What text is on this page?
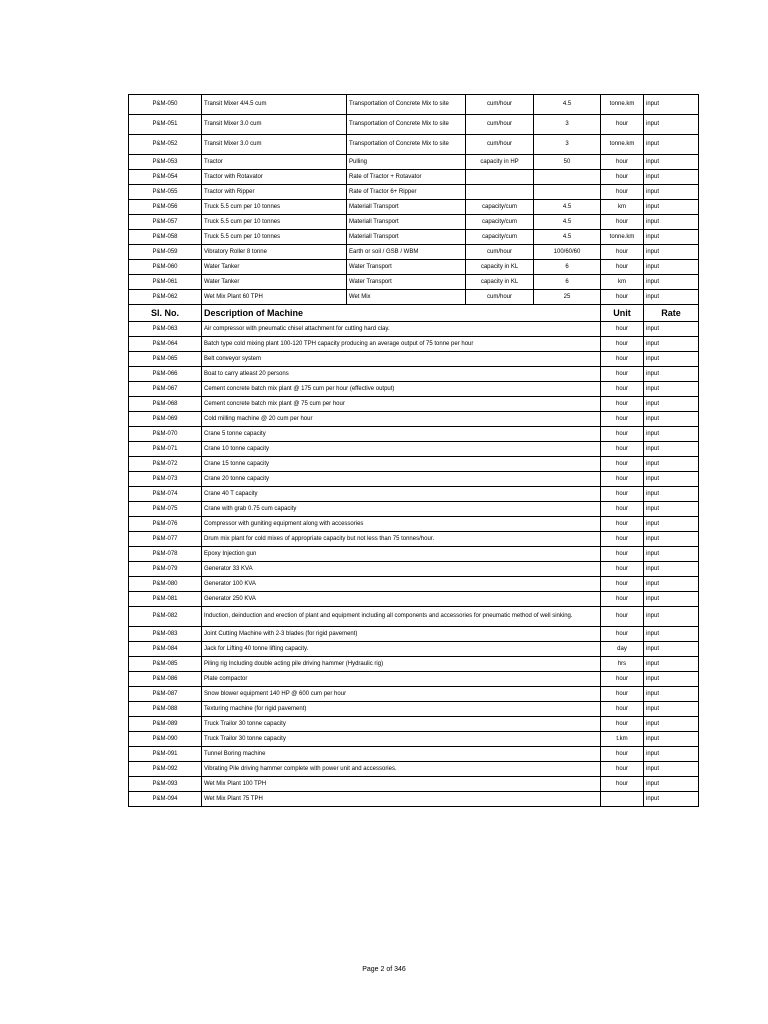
P&M-050	Transit Mixer 4/4.5 cum	Transportation of Concrete Mix to site	cum/hour	4.5	tonne.km	input
P&M-051	Transit Mixer 3.0 cum	Transportation of Concrete Mix to site	cum/hour	3	hour	input
P&M-052	Transit Mixer 3.0 cum	Transportation of Concrete Mix to site	cum/hour	3	tonne.km	input
P&M-053	Tractor	Pulling	capacity in HP	50	hour	input
P&M-054	Tractor with Rotavator	Rate of Tractor + Rotavator			hour	input
P&M-055	Tractor with Ripper	Rate of Tractor 6+ Ripper			hour	input
P&M-056	Truck 5.5 cum per 10 tonnes	Materiall Transport	capacity/cum	4.5	km	input
P&M-057	Truck 5.5 cum per 10 tonnes	Materiall Transport	capacity/cum	4.5	hour	input
P&M-058	Truck 5.5 cum per 10 tonnes	Materiall Transport	capacity/cum	4.5	tonne.km	input
P&M-059	Vibratory Roller 8 tonne	Earth or soil / GSB / WBM	cum/hour	100/60/60	hour	input
P&M-060	Water Tanker	Water Transport	capacity in KL	6	hour	input
P&M-061	Water Tanker	Water Transport	capacity in KL	6	km	input
P&M-062	Wet Mix Plant 60 TPH	Wet Mix	cum/hour	25	hour	input
Sl. No.	Description of Machine				Unit	Rate
P&M-063	Air compressor with pneumatic chisel attachment for cutting hard clay.				hour	input
P&M-064	Batch type cold mixing plant 100-120 TPH capacity producing an average output of 75 tonne per hour				hour	input
P&M-065	Belt conveyor system				hour	input
P&M-066	Boat to carry atleast 20 persons				hour	input
P&M-067	Cement concrete batch mix plant @ 175 cum per hour (effective output)				hour	input
P&M-068	Cement concrete batch mix plant @ 75 cum per hour				hour	input
P&M-069	Cold milling machine @ 20 cum per hour				hour	input
P&M-070	Crane 5 tonne capacity				hour	input
P&M-071	Crane 10 tonne capacity				hour	input
P&M-072	Crane 15 tonne capacity				hour	input
P&M-073	Crane 20 tonne capacity				hour	input
P&M-074	Crane 40 T capacity				hour	input
P&M-075	Crane with grab 0.75 cum capacity				hour	input
P&M-076	Compressor with guniting equipment along with accessories				hour	input
P&M-077	Drum mix plant for cold mixes of appropriate capacity but not less than 75 tonnes/hour.				hour	input
P&M-078	Epoxy Injection gun				hour	input
P&M-079	Generator 33 KVA				hour	input
P&M-080	Generator 100 KVA				hour	input
P&M-081	Generator 250 KVA				hour	input
P&M-082	Induction, deinduction and erection of plant and equipment including all components and accessories for pneumatic method of well sinking.				hour	input
P&M-083	Joint Cutting Machine with 2-3 blades (for rigid pavement)				hour	input
P&M-084	Jack for Lifting 40 tonne lifting capacity.				day	input
P&M-085	Piling rig Including double acting pile driving hammer (Hydraulic rig)				hrs	input
P&M-086	Plate compactor				hour	input
P&M-087	Snow blower equipment 140 HP @ 600 cum per hour				hour	input
P&M-088	Texturing machine (for rigid pavement)				hour	input
P&M-089	Truck Trailor 30 tonne capacity				hour	input
P&M-090	Truck Trailor 30 tonne capacity				t.km	input
P&M-091	Tunnel Boring machine				hour	input
P&M-092	Vibrating Pile driving hammer complete with power unit and accessories.				hour	input
P&M-093	Wet Mix Plant 100 TPH				hour	input
P&M-094	Wet Mix Plant 75 TPH					input
Page 2 of 346
